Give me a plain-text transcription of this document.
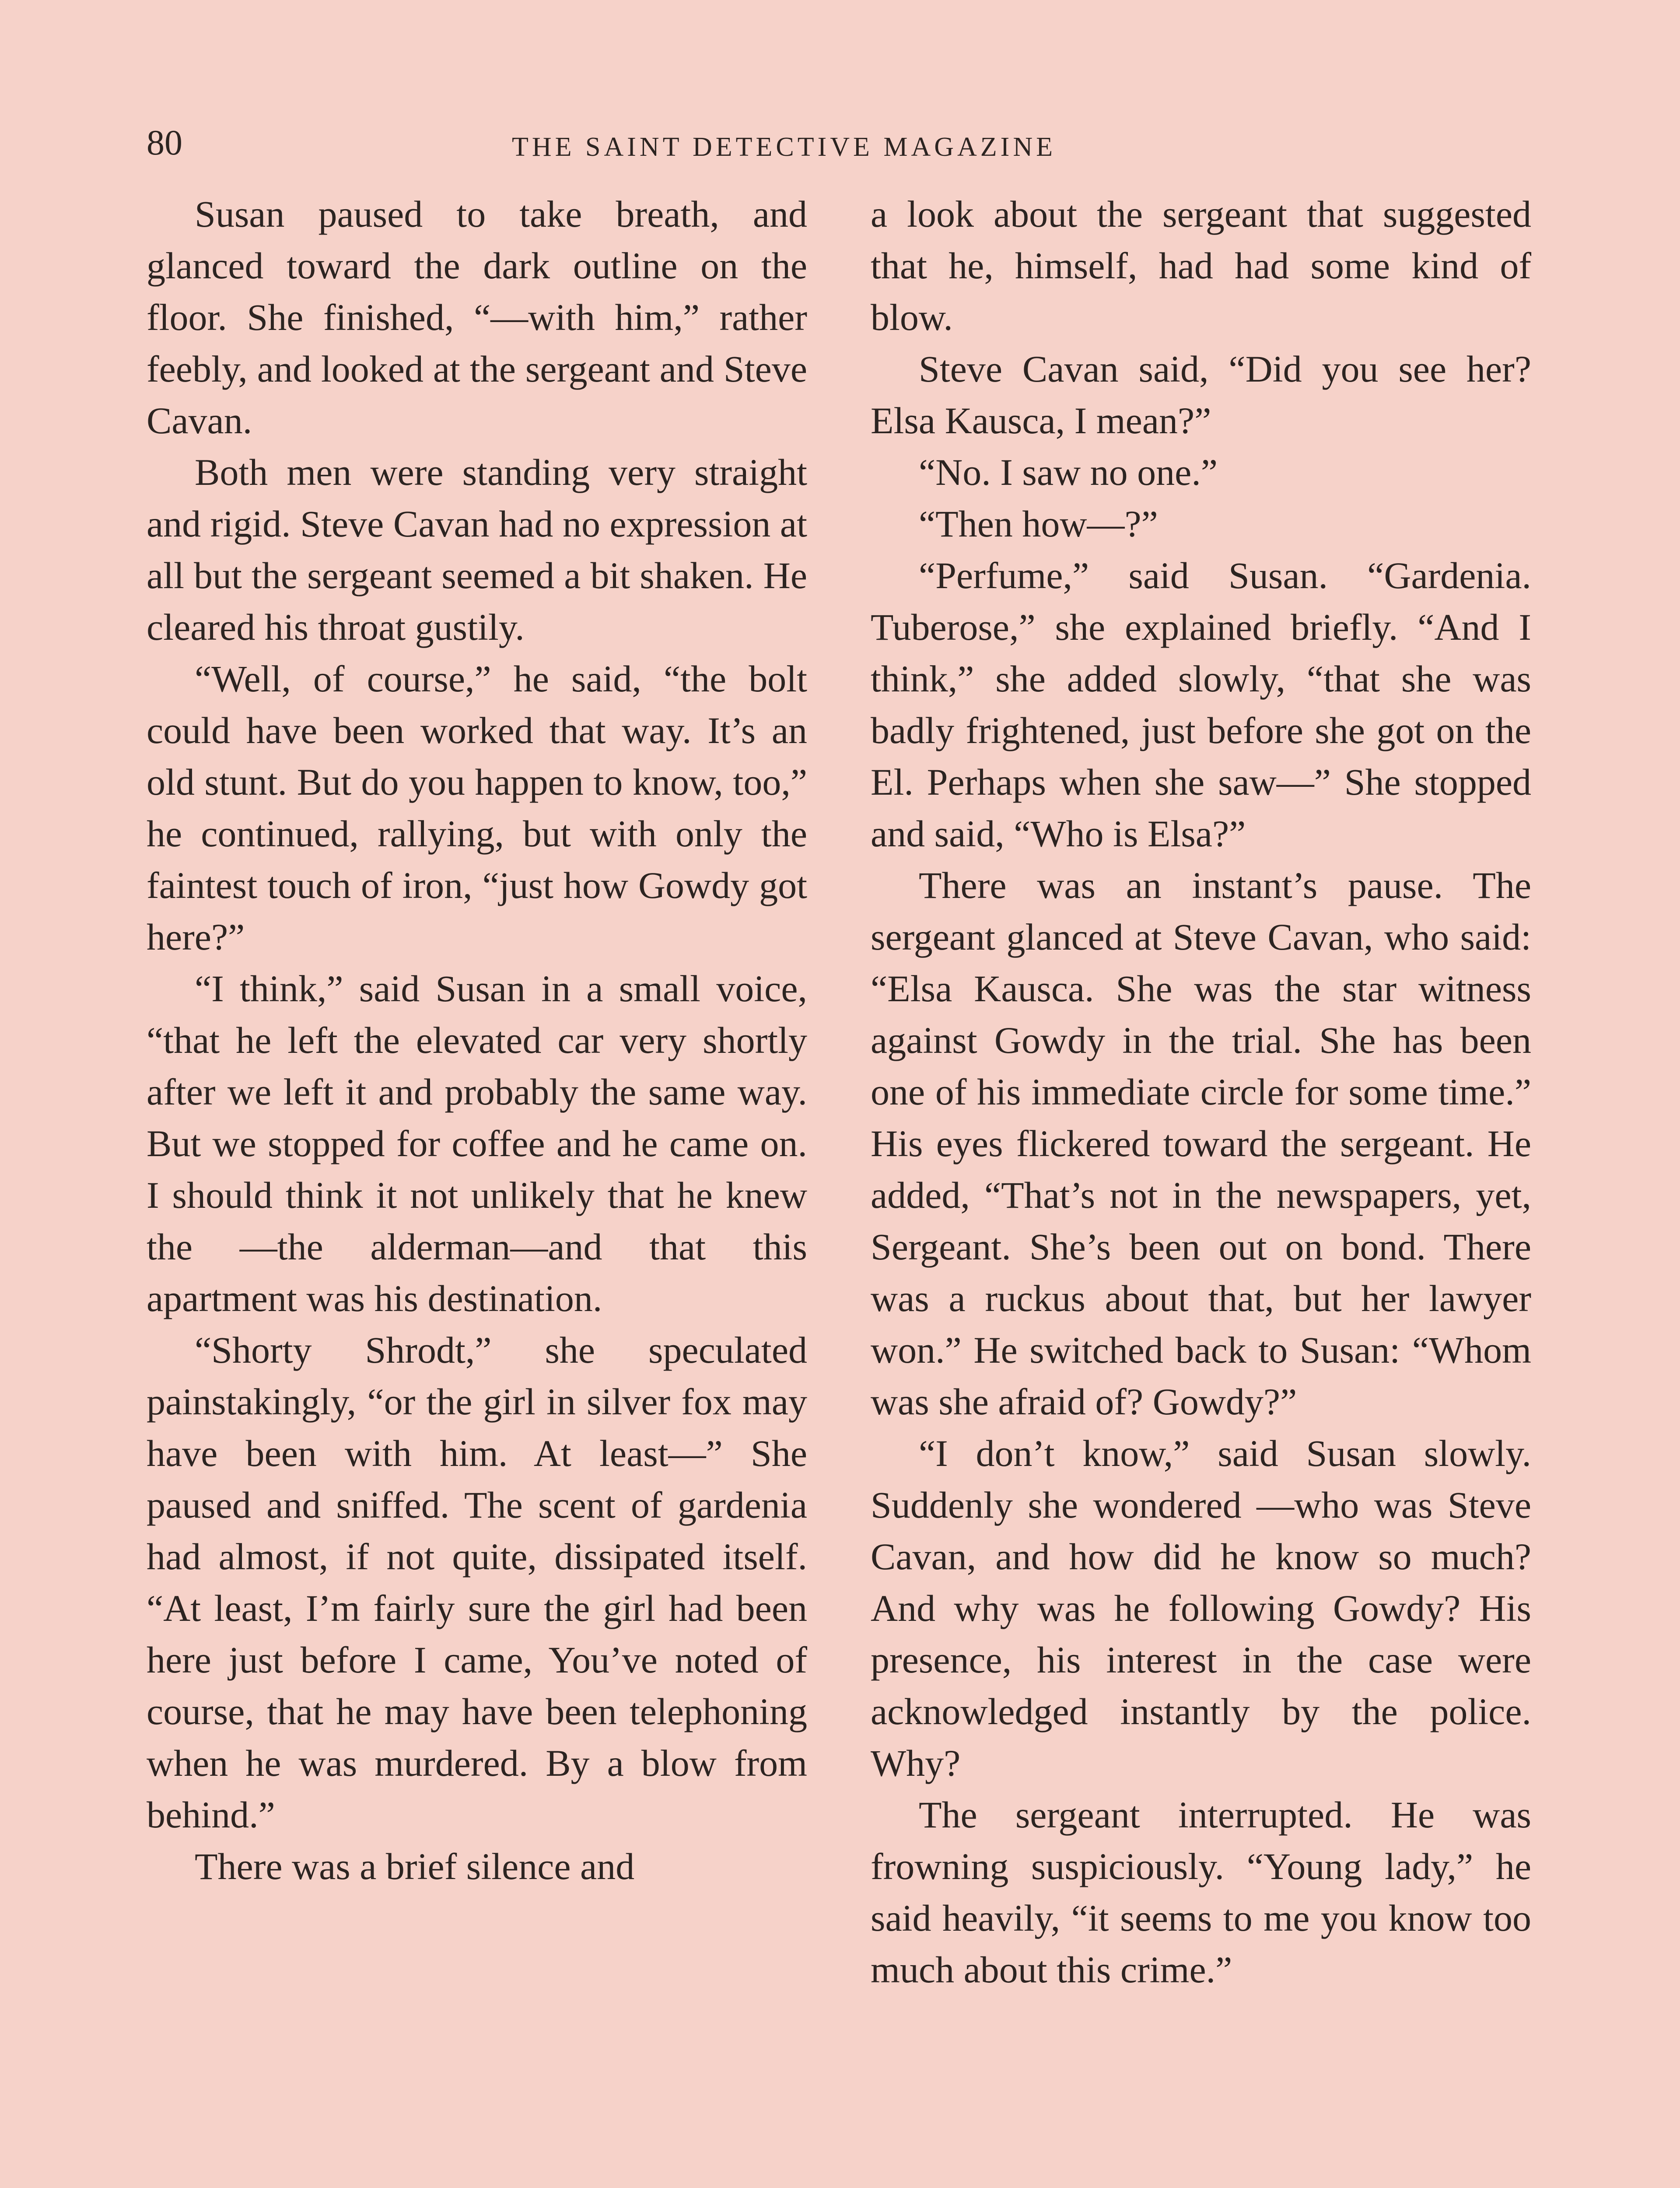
80	THE SAINT DETECTIVE MAGAZINE

Susan paused to take breath, and glanced toward the dark outline on the floor. She finished, “—with him,” rather feebly, and looked at the sergeant and Steve Cavan.

Both men were standing very straight and rigid. Steve Cavan had no expression at all but the sergeant seemed a bit shaken. He cleared his throat gustily.

“Well, of course,” he said, “the bolt could have been worked that way. It’s an old stunt. But do you happen to know, too,” he continued, rallying, but with only the faintest touch of iron, “just how Gowdy got here?”

“I think,” said Susan in a small voice, “that he left the elevated car very shortly after we left it and probably the same way. But we stopped for coffee and he came on. I should think it not unlikely that he knew the —the alderman—and that this apartment was his destination.

“Shorty Shrodt,” she speculated painstakingly, “or the girl in silver fox may have been with him. At least—” She paused and sniffed. The scent of gardenia had almost, if not quite, dissipated itself. “At least, I’m fairly sure the girl had been here just before I came, You’ve noted of course, that he may have been telephoning when he was murdered. By a blow from behind.”

There was a brief silence and

a look about the sergeant that suggested that he, himself, had had some kind of blow.

Steve Cavan said, “Did you see her? Elsa Kausca, I mean?”

“No. I saw no one.”

“Then how—?”

“Perfume,” said Susan. “Gardenia. Tuberose,” she explained briefly. “And I think,” she added slowly, “that she was badly frightened, just before she got on the El. Perhaps when she saw—” She stopped and said, “Who is Elsa?”

There was an instant’s pause. The sergeant glanced at Steve Cavan, who said: “Elsa Kausca. She was the star witness against Gowdy in the trial. She has been one of his immediate circle for some time.” His eyes flickered toward the sergeant. He added, “That’s not in the newspapers, yet, Sergeant. She’s been out on bond. There was a ruckus about that, but her lawyer won.” He switched back to Susan: “Whom was she afraid of? Gowdy?”

“I don’t know,” said Susan slowly. Suddenly she wondered —who was Steve Cavan, and how did he know so much? And why was he following Gowdy? His presence, his interest in the case were acknowledged instantly by the police. Why?

The sergeant interrupted. He was frowning suspiciously. “Young lady,” he said heavily, “it seems to me you know too much about this crime.”
